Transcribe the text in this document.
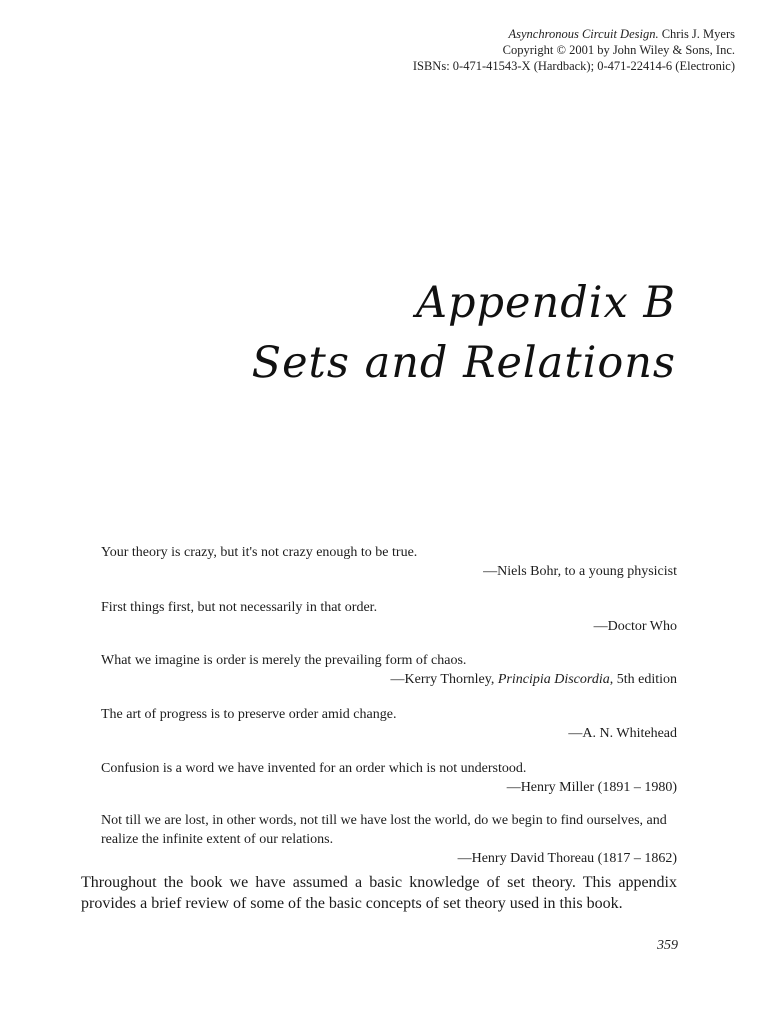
Asynchronous Circuit Design. Chris J. Myers
Copyright © 2001 by John Wiley & Sons, Inc.
ISBNs: 0-471-41543-X (Hardback); 0-471-22414-6 (Electronic)
Appendix B
Sets and Relations
Your theory is crazy, but it's not crazy enough to be true.
—Niels Bohr, to a young physicist
First things first, but not necessarily in that order.
—Doctor Who
What we imagine is order is merely the prevailing form of chaos.
—Kerry Thornley, Principia Discordia, 5th edition
The art of progress is to preserve order amid change.
—A. N. Whitehead
Confusion is a word we have invented for an order which is not understood.
—Henry Miller (1891 – 1980)
Not till we are lost, in other words, not till we have lost the world, do we begin to find ourselves, and realize the infinite extent of our relations.
—Henry David Thoreau (1817 – 1862)
Throughout the book we have assumed a basic knowledge of set theory. This appendix provides a brief review of some of the basic concepts of set theory used in this book.
359
